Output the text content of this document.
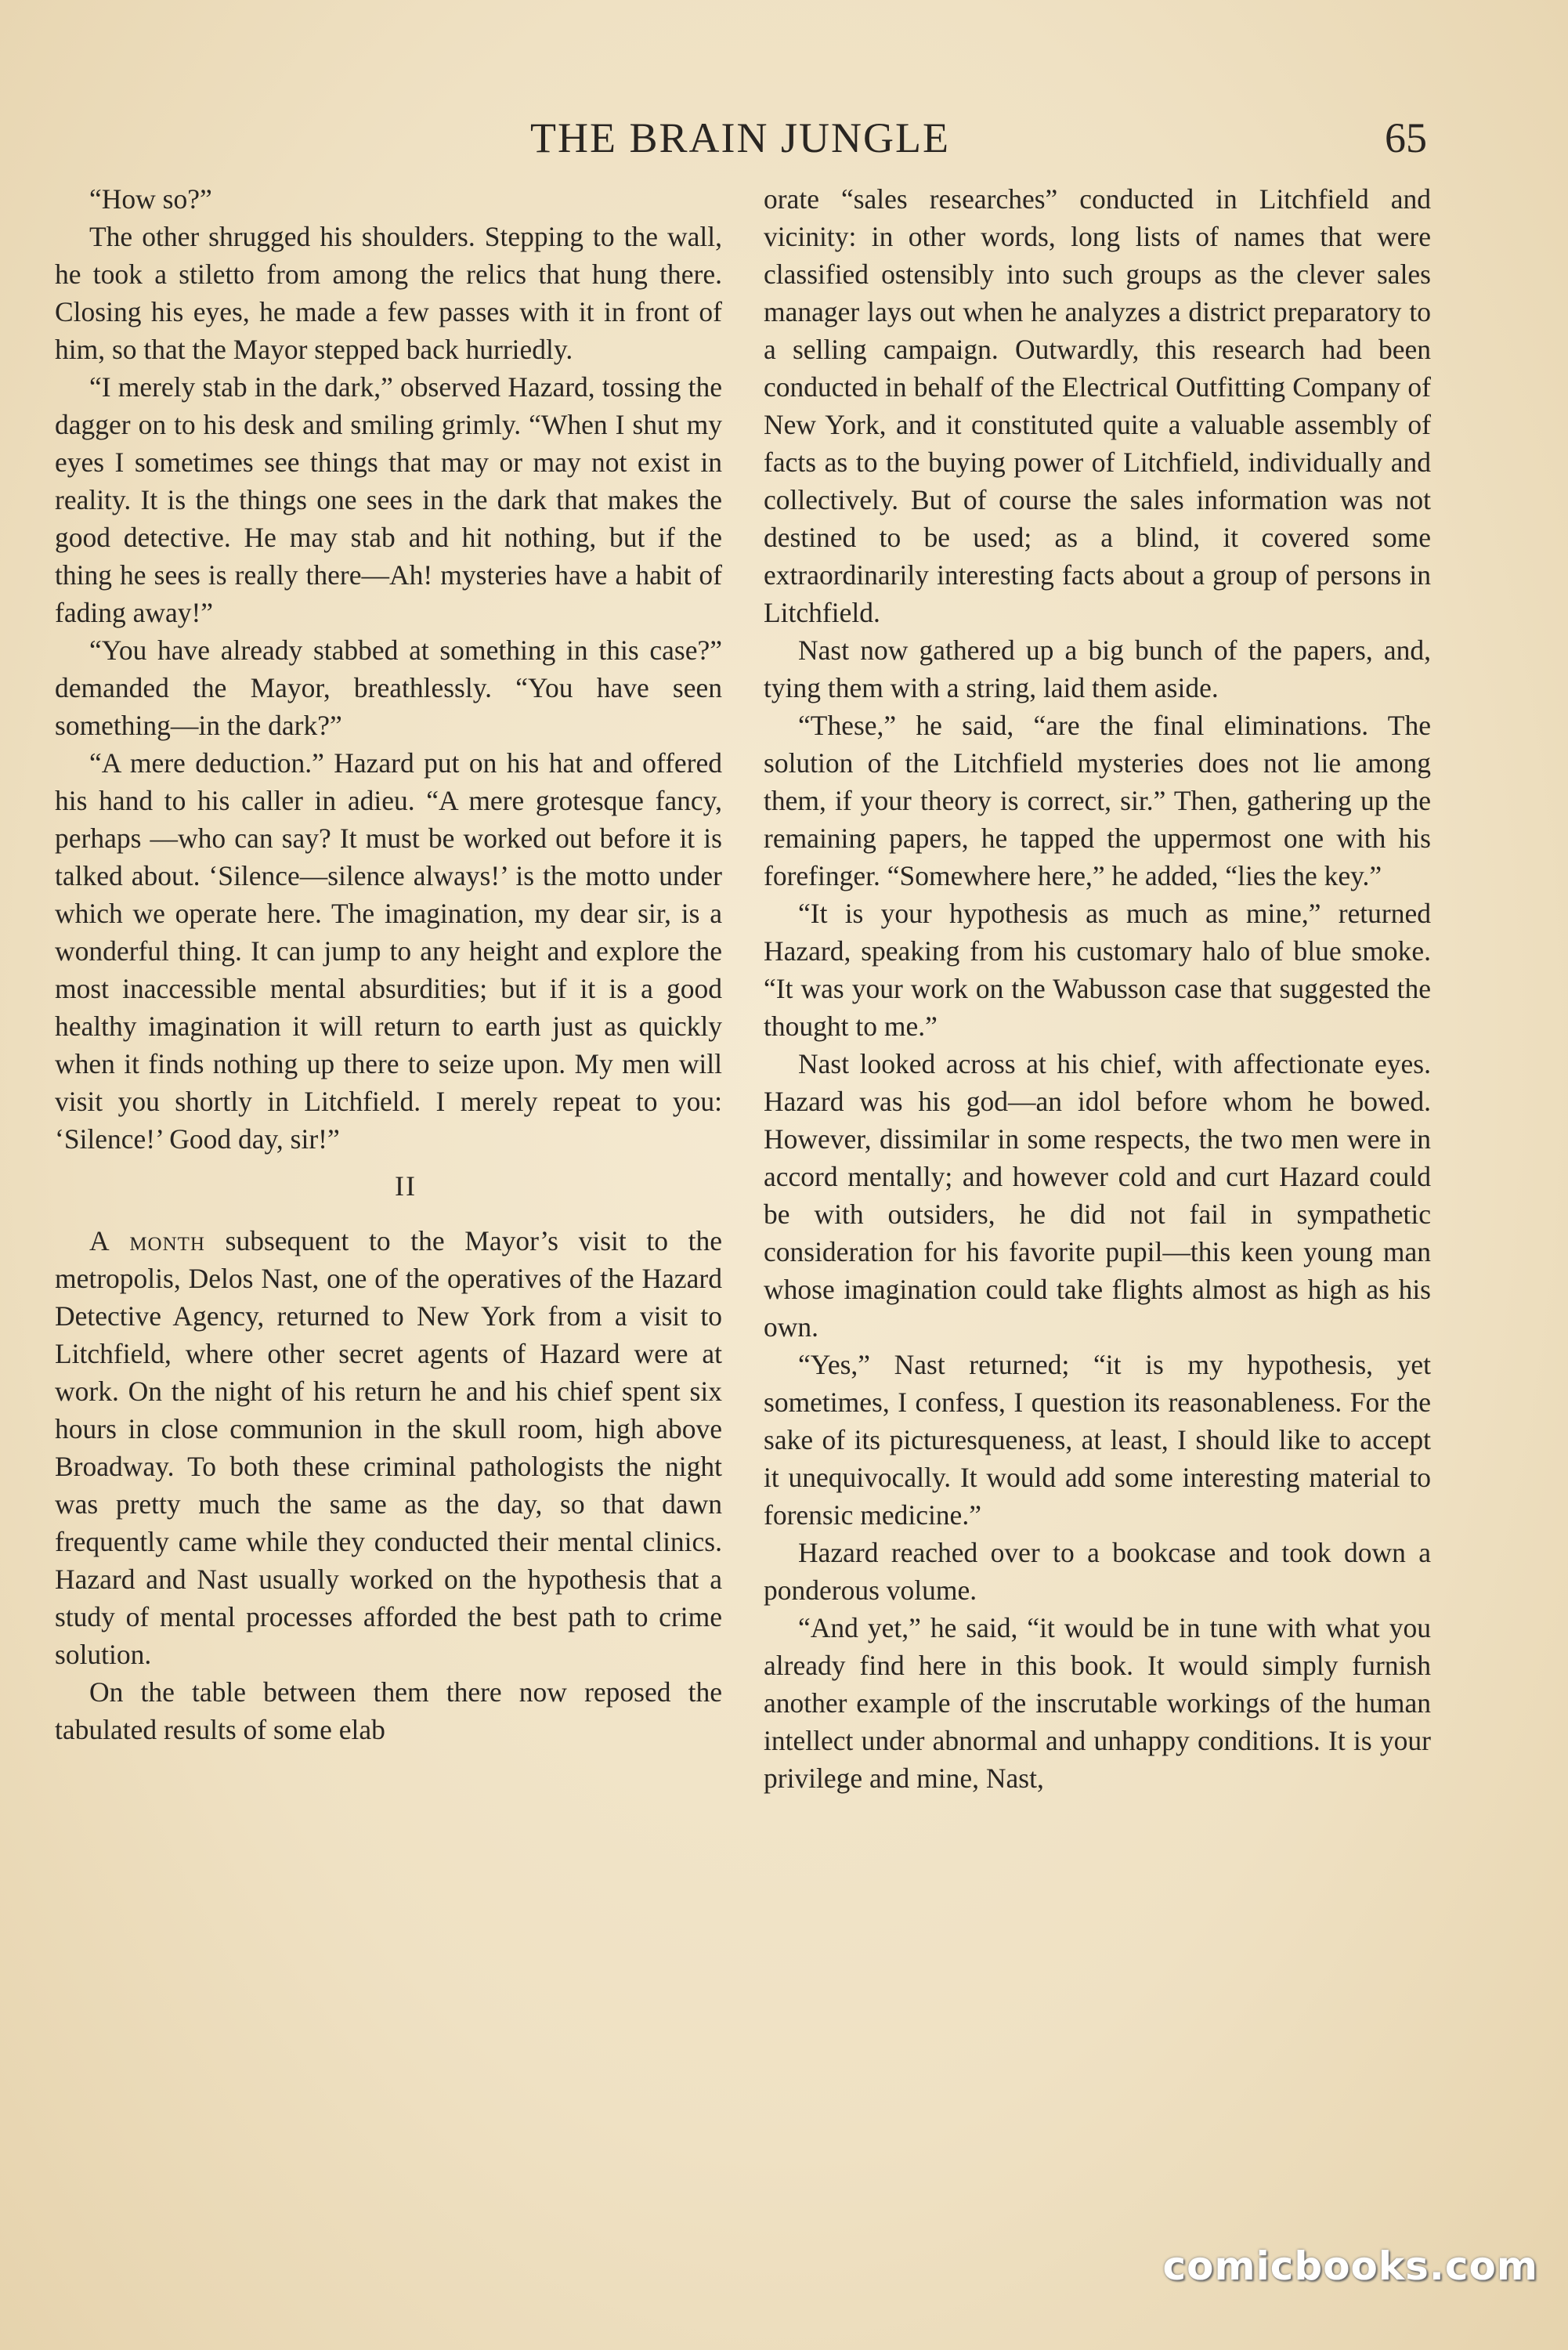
THE BRAIN JUNGLE	65

“How so?”

The other shrugged his shoulders. Stepping to the wall, he took a stiletto from among the relics that hung there. Closing his eyes, he made a few passes with it in front of him, so that the Mayor stepped back hurriedly.

“I merely stab in the dark,” observed Hazard, tossing the dagger on to his desk and smiling grimly. “When I shut my eyes I sometimes see things that may or may not exist in reality. It is the things one sees in the dark that makes the good detective. He may stab and hit nothing, but if the thing he sees is really there—Ah! mysteries have a habit of fading away!”

“You have already stabbed at something in this case?” demanded the Mayor, breathlessly. “You have seen something—in the dark?”

“A mere deduction.” Hazard put on his hat and offered his hand to his caller in adieu. “A mere grotesque fancy, perhaps —who can say? It must be worked out before it is talked about. ‘Silence—silence always!’ is the motto under which we operate here. The imagination, my dear sir, is a wonderful thing. It can jump to any height and explore the most inaccessible mental absurdities; but if it is a good healthy imagination it will return to earth just as quickly when it finds nothing up there to seize upon. My men will visit you shortly in Litchfield. I merely repeat to you: ‘Silence!’ Good day, sir!”

II

A month subsequent to the Mayor’s visit to the metropolis, Delos Nast, one of the operatives of the Hazard Detective Agency, returned to New York from a visit to Litchfield, where other secret agents of Hazard were at work. On the night of his return he and his chief spent six hours in close communion in the skull room, high above Broadway. To both these criminal pathologists the night was pretty much the same as the day, so that dawn frequently came while they conducted their mental clinics. Hazard and Nast usually worked on the hypothesis that a study of mental processes afforded the best path to crime solution.

On the table between them there now reposed the tabulated results of some elab

orate “sales researches” conducted in Litchfield and vicinity: in other words, long lists of names that were classified ostensibly into such groups as the clever sales manager lays out when he analyzes a district preparatory to a selling campaign. Outwardly, this research had been conducted in behalf of the Electrical Outfitting Company of New York, and it constituted quite a valuable assembly of facts as to the buying power of Litchfield, individually and collectively. But of course the sales information was not destined to be used; as a blind, it covered some extraordinarily interesting facts about a group of persons in Litchfield.

Nast now gathered up a big bunch of the papers, and, tying them with a string, laid them aside.

“These,” he said, “are the final eliminations. The solution of the Litchfield mysteries does not lie among them, if your theory is correct, sir.” Then, gathering up the remaining papers, he tapped the uppermost one with his forefinger. “Somewhere here,” he added, “lies the key.”

“It is your hypothesis as much as mine,” returned Hazard, speaking from his customary halo of blue smoke. “It was your work on the Wabusson case that suggested the thought to me.”

Nast looked across at his chief, with affectionate eyes. Hazard was his god—an idol before whom he bowed. However, dissimilar in some respects, the two men were in accord mentally; and however cold and curt Hazard could be with outsiders, he did not fail in sympathetic consideration for his favorite pupil—this keen young man whose imagination could take flights almost as high as his own.

“Yes,” Nast returned; “it is my hypothesis, yet sometimes, I confess, I question its reasonableness. For the sake of its picturesqueness, at least, I should like to accept it unequivocally. It would add some interesting material to forensic medicine.”

Hazard reached over to a bookcase and took down a ponderous volume.

“And yet,” he said, “it would be in tune with what you already find here in this book. It would simply furnish another example of the inscrutable workings of the human intellect under abnormal and unhappy conditions. It is your privilege and mine, Nast,

comicbooks.com
